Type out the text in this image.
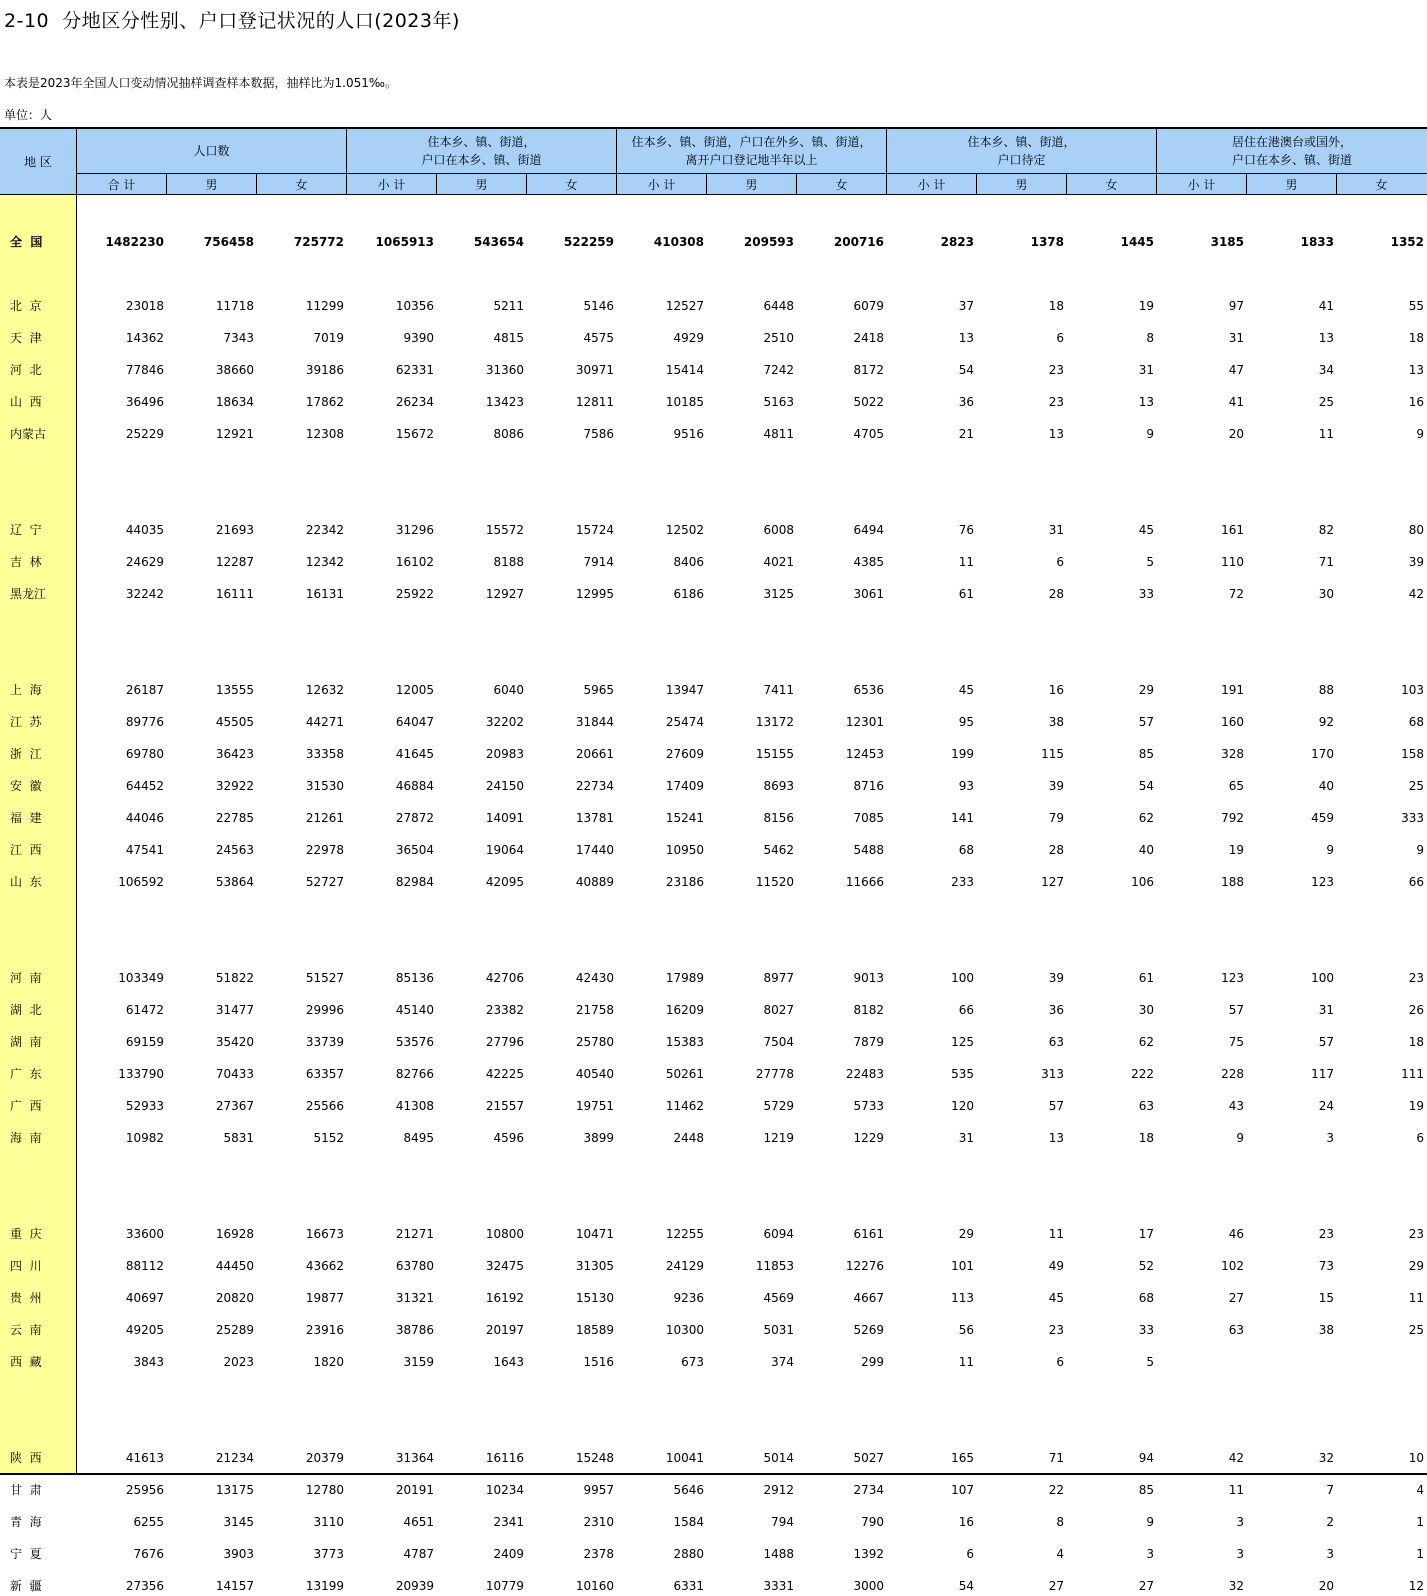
2-10  分地区分性别、户口登记状况的人口(2023年)
本表是2023年全国人口变动情况抽样调查样本数据，抽样比为1.051‰。
单位：人
地 区
人口数
住本乡、镇、街道，
户口在本乡、镇、街道
住本乡、镇、街道，户口在外乡、镇、街道，
离开户口登记地半年以上
住本乡、镇、街道，
户口待定
居住在港澳台或国外，
户口在本乡、镇、街道
合 计	男	女	小 计	男	女	小 计	男	女	小 计	男	女	小 计	男	女
全  国	1482230	756458	725772	1065913	543654	522259	410308	209593	200716	2823	1378	1445	3185	1833	1352
北  京	23018	11718	11299	10356	5211	5146	12527	6448	6079	37	18	19	97	41	55
天  津	14362	7343	7019	9390	4815	4575	4929	2510	2418	13	6	8	31	13	18
河  北	77846	38660	39186	62331	31360	30971	15414	7242	8172	54	23	31	47	34	13
山  西	36496	18634	17862	26234	13423	12811	10185	5163	5022	36	23	13	41	25	16
内蒙古	25229	12921	12308	15672	8086	7586	9516	4811	4705	21	13	9	20	11	9
辽  宁	44035	21693	22342	31296	15572	15724	12502	6008	6494	76	31	45	161	82	80
吉  林	24629	12287	12342	16102	8188	7914	8406	4021	4385	11	6	5	110	71	39
黑龙江	32242	16111	16131	25922	12927	12995	6186	3125	3061	61	28	33	72	30	42
上  海	26187	13555	12632	12005	6040	5965	13947	7411	6536	45	16	29	191	88	103
江  苏	89776	45505	44271	64047	32202	31844	25474	13172	12301	95	38	57	160	92	68
浙  江	69780	36423	33358	41645	20983	20661	27609	15155	12453	199	115	85	328	170	158
安  徽	64452	32922	31530	46884	24150	22734	17409	8693	8716	93	39	54	65	40	25
福  建	44046	22785	21261	27872	14091	13781	15241	8156	7085	141	79	62	792	459	333
江  西	47541	24563	22978	36504	19064	17440	10950	5462	5488	68	28	40	19	9	9
山  东	106592	53864	52727	82984	42095	40889	23186	11520	11666	233	127	106	188	123	66
河  南	103349	51822	51527	85136	42706	42430	17989	8977	9013	100	39	61	123	100	23
湖  北	61472	31477	29996	45140	23382	21758	16209	8027	8182	66	36	30	57	31	26
湖  南	69159	35420	33739	53576	27796	25780	15383	7504	7879	125	63	62	75	57	18
广  东	133790	70433	63357	82766	42225	40540	50261	27778	22483	535	313	222	228	117	111
广  西	52933	27367	25566	41308	21557	19751	11462	5729	5733	120	57	63	43	24	19
海  南	10982	5831	5152	8495	4596	3899	2448	1219	1229	31	13	18	9	3	6
重  庆	33600	16928	16673	21271	10800	10471	12255	6094	6161	29	11	17	46	23	23
四  川	88112	44450	43662	63780	32475	31305	24129	11853	12276	101	49	52	102	73	29
贵  州	40697	20820	19877	31321	16192	15130	9236	4569	4667	113	45	68	27	15	11
云  南	49205	25289	23916	38786	20197	18589	10300	5031	5269	56	23	33	63	38	25
西  藏	3843	2023	1820	3159	1643	1516	673	374	299	11	6	5
陕  西	41613	21234	20379	31364	16116	15248	10041	5014	5027	165	71	94	42	32	10
甘  肃	25956	13175	12780	20191	10234	9957	5646	2912	2734	107	22	85	11	7	4
青  海	6255	3145	3110	4651	2341	2310	1584	794	790	16	8	9	3	2	1
宁  夏	7676	3903	3773	4787	2409	2378	2880	1488	1392	6	4	3	3	3	1
新  疆	27356	14157	13199	20939	10779	10160	6331	3331	3000	54	27	27	32	20	12
